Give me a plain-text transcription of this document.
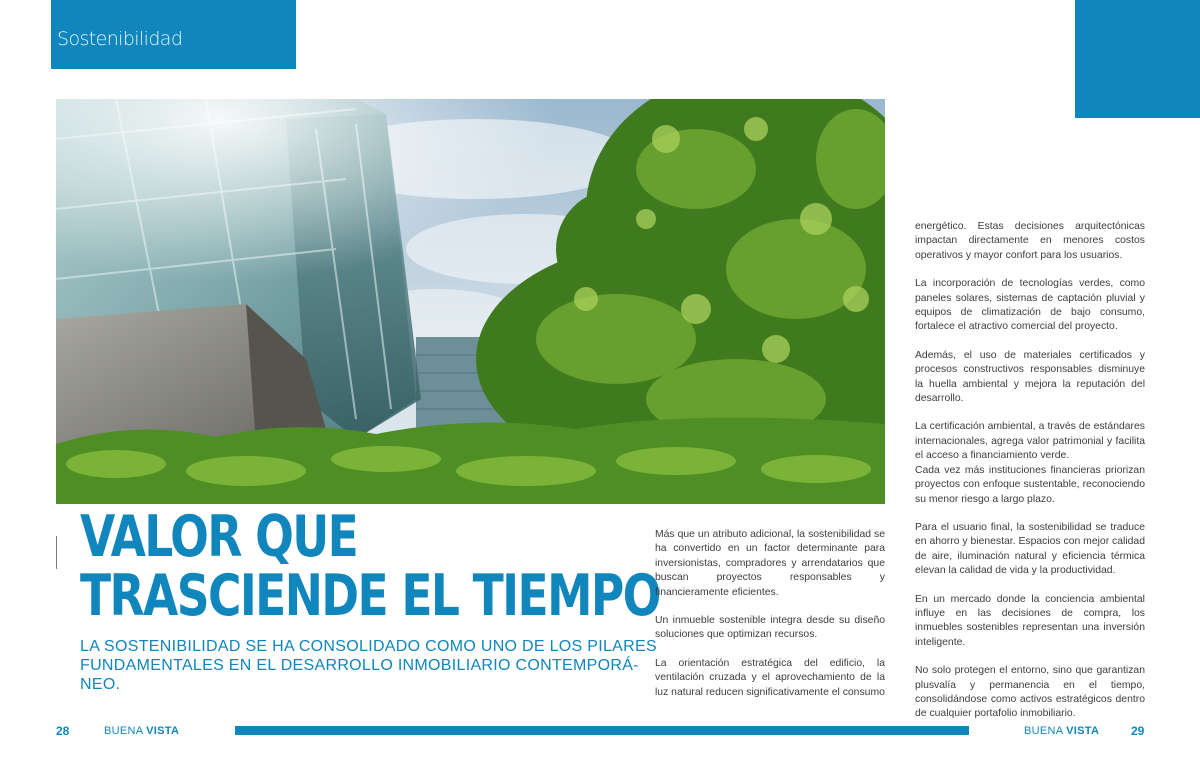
Sostenibilidad
VALOR QUE
TRASCIENDE EL TIEMPO

LA SOSTENIBILIDAD SE HA CONSOLIDADO COMO UNO DE LOS PILARES
FUNDAMENTALES EN EL DESARROLLO INMOBILIARIO CONTEMPORÁ-
NEO.

Más que un atributo adicional, la sostenibilidad se ha convertido en un factor determinante para inversionistas, compradores y arrendatarios que buscan proyectos responsables y financieramente eficientes.

Un inmueble sostenible integra desde su diseño soluciones que optimizan recursos.

La orientación estratégica del edificio, la ventilación cruzada y el aprovechamiento de la luz natural reducen significativamente el consumo

energético. Estas decisiones arquitectónicas impactan directamente en menores costos operativos y mayor confort para los usuarios.

La incorporación de tecnologías verdes, como paneles solares, sistemas de captación pluvial y equipos de climatización de bajo consumo, fortalece el atractivo comercial del proyecto.

Además, el uso de materiales certificados y procesos constructivos responsables disminuye la huella ambiental y mejora la reputación del desarrollo.

La certificación ambiental, a través de estándares internacionales, agrega valor patrimonial y facilita el acceso a financiamiento verde.

Cada vez más instituciones financieras priorizan proyectos con enfoque sustentable, reconociendo su menor riesgo a largo plazo.

Para el usuario final, la sostenibilidad se traduce en ahorro y bienestar. Espacios con mejor calidad de aire, iluminación natural y eficiencia térmica elevan la calidad de vida y la productividad.

En un mercado donde la conciencia ambiental influye en las decisiones de compra, los inmuebles sostenibles representan una inversión inteligente.

No solo protegen el entorno, sino que garantizan plusvalía y permanencia en el tiempo, consolidándose como activos estratégicos dentro de cualquier portafolio inmobiliario.

28	BUENA VISTA	BUENA VISTA	29
